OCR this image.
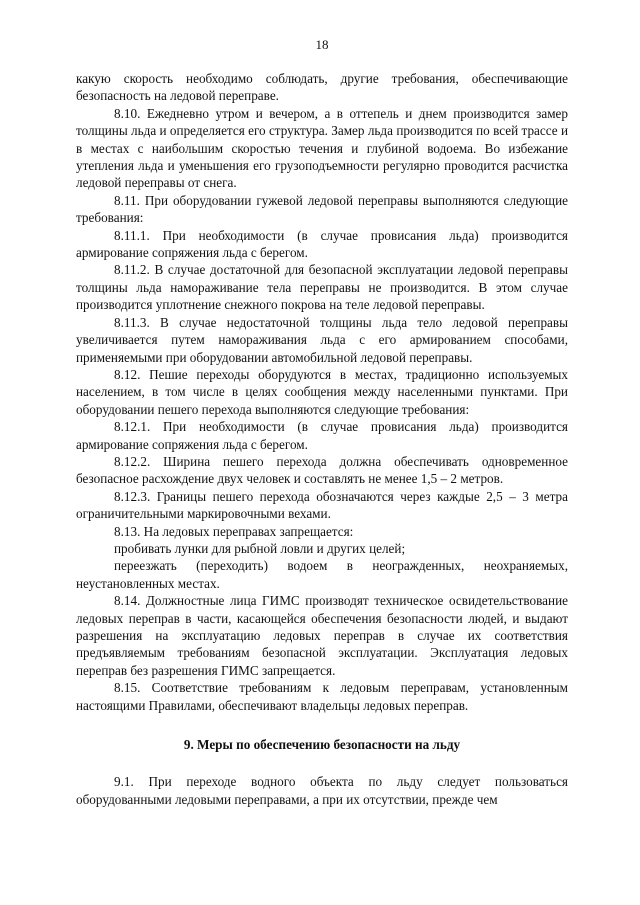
18

какую скорость необходимо соблюдать, другие требования, обеспечивающие безопасность на ледовой переправе.

8.10. Ежедневно утром и вечером, а в оттепель и днем производится замер толщины льда и определяется его структура. Замер льда производится по всей трассе и в местах с наибольшим скоростью течения и глубиной водоема. Во избежание утепления льда и уменьшения его грузоподъемности регулярно проводится расчистка ледовой переправы от снега.

8.11. При оборудовании гужевой ледовой переправы выполняются следующие требования:

8.11.1. При необходимости (в случае провисания льда) производится армирование сопряжения льда с берегом.

8.11.2. В случае достаточной для безопасной эксплуатации ледовой переправы толщины льда намораживание тела переправы не производится. В этом случае производится уплотнение снежного покрова на теле ледовой переправы.

8.11.3. В случае недостаточной толщины льда тело ледовой переправы увеличивается путем намораживания льда с его армированием способами, применяемыми при оборудовании автомобильной ледовой переправы.

8.12. Пешие переходы оборудуются в местах, традиционно используемых населением, в том числе в целях сообщения между населенными пунктами. При оборудовании пешего перехода выполняются следующие требования:

8.12.1. При необходимости (в случае провисания льда) производится армирование сопряжения льда с берегом.

8.12.2. Ширина пешего перехода должна обеспечивать одновременное безопасное расхождение двух человек и составлять не менее 1,5 – 2 метров.

8.12.3. Границы пешего перехода обозначаются через каждые 2,5 – 3 метра ограничительными маркировочными вехами.

8.13. На ледовых переправах запрещается:

пробивать лунки для рыбной ловли и других целей;

переезжать (переходить) водоем в неогражденных, неохраняемых, неустановленных местах.

8.14. Должностные лица ГИМС производят техническое освидетельствование ледовых переправ в части, касающейся обеспечения безопасности людей, и выдают разрешения на эксплуатацию ледовых переправ в случае их соответствия предъявляемым требованиям безопасной эксплуатации. Эксплуатация ледовых переправ без разрешения ГИМС запрещается.

8.15. Соответствие требованиям к ледовым переправам, установленным настоящими Правилами, обеспечивают владельцы ледовых переправ.

9. Меры по обеспечению безопасности на льду

9.1. При переходе водного объекта по льду следует пользоваться оборудованными ледовыми переправами, а при их отсутствии, прежде чем
